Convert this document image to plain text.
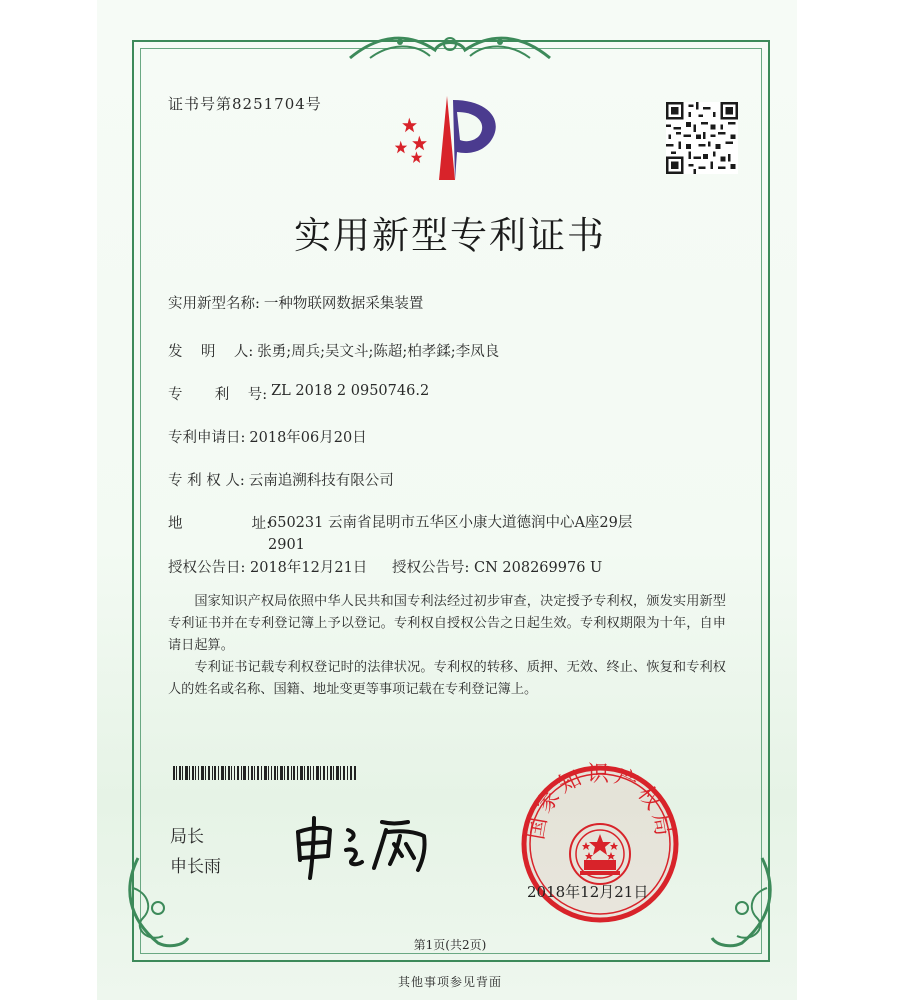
证书号第8251704号
实用新型专利证书
实用新型名称: 一种物联网数据采集装置
发    明    人: 张勇;周兵;吴文斗;陈超;柏孝鍒;李凤良
专       利    号: ZL 2018 2 0950746.2
专利申请日: 2018年06月20日
专 利 权 人: 云南追溯科技有限公司
地               址:
650231 云南省昆明市五华区小康大道德润中心A座29层2901
授权公告日: 2018年12月21日 授权公告号: CN 208269976 U
国家知识产权局依照中华人民共和国专利法经过初步审查，决定授予专利权，颁发实用新型专利证书并在专利登记簿上予以登记。专利权自授权公告之日起生效。专利权期限为十年，自申请日起算。
专利证书记载专利权登记时的法律状况。专利权的转移、质押、无效、终止、恢复和专利权人的姓名或名称、国籍、地址变更等事项记载在专利登记簿上。
局长
申长雨
国家知识产权局
2018年12月21日
第1页(共2页)
其他事项参见背面
